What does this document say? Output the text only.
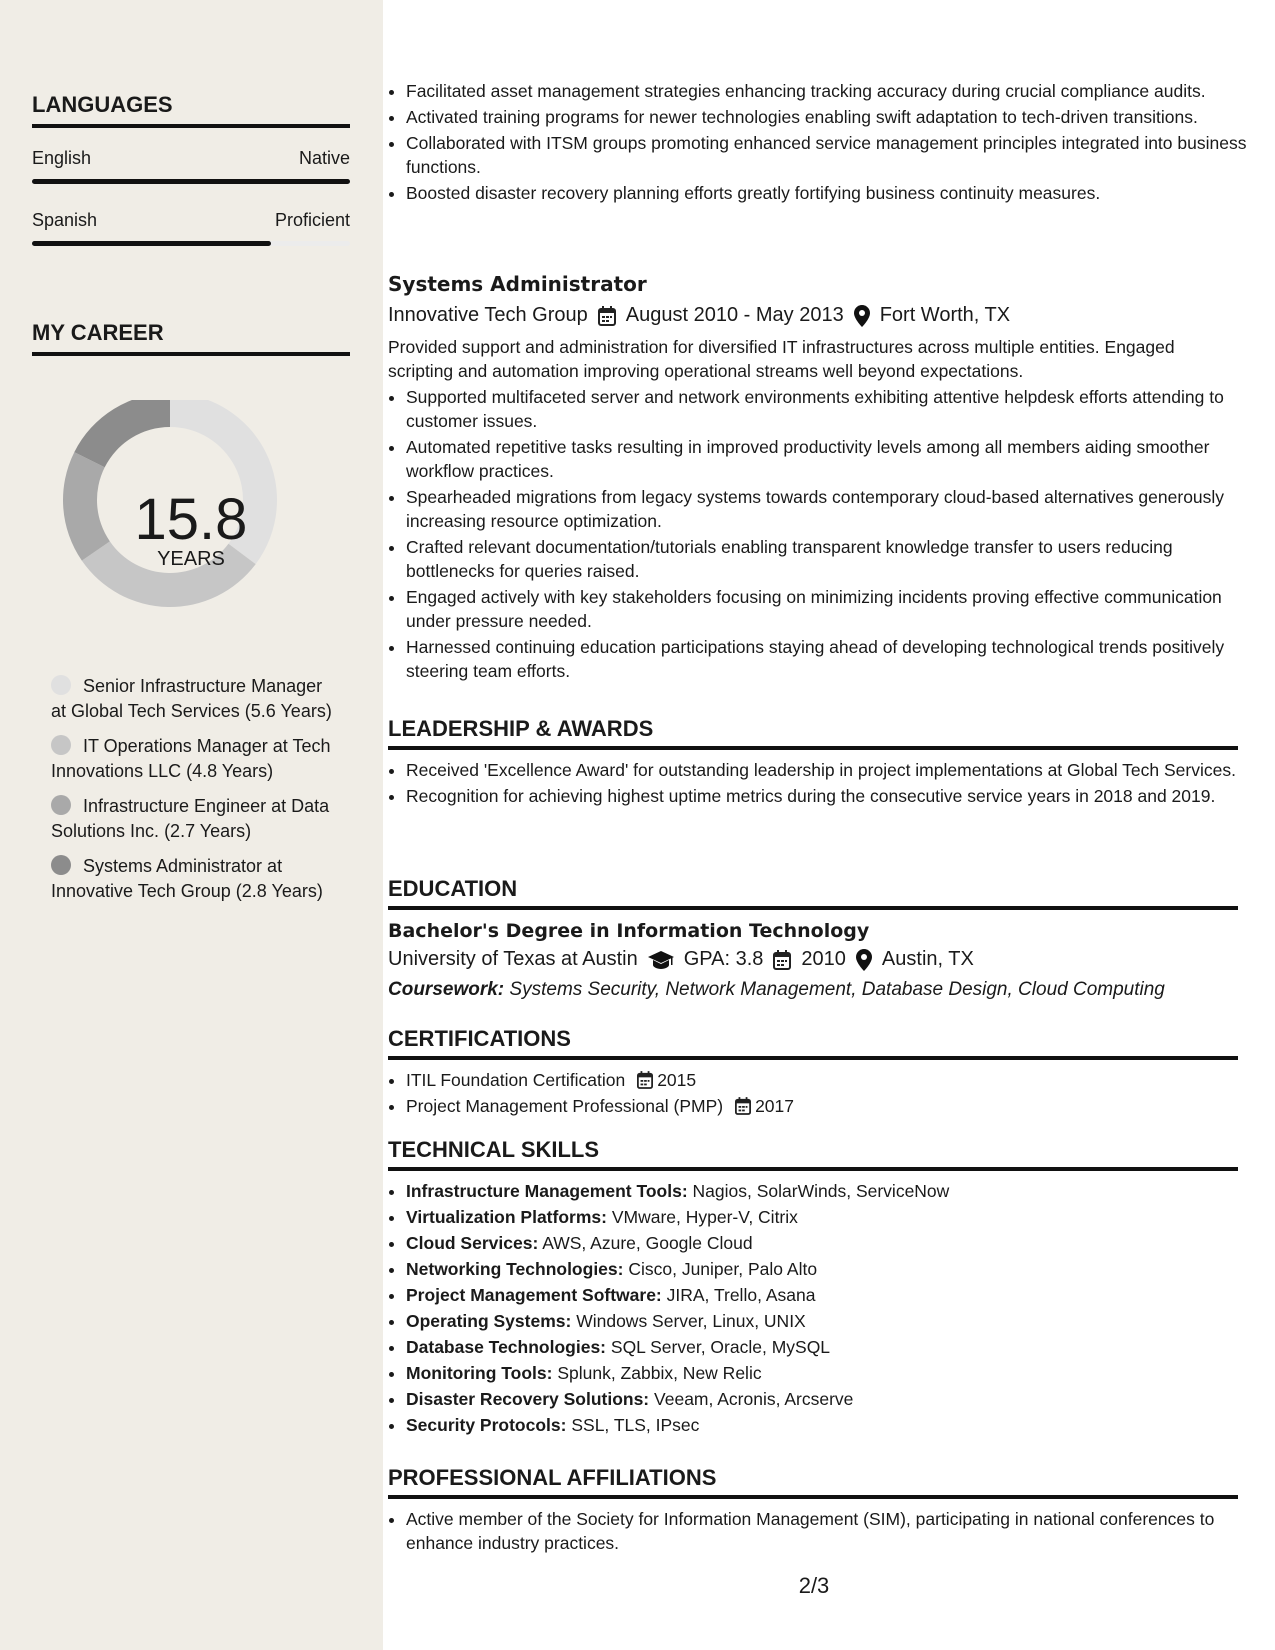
LANGUAGES
English	Native
Spanish	Proficient
MY CAREER
15.8
YEARS
Senior Infrastructure Manager at Global Tech Services (5.6 Years)
IT Operations Manager at Tech Innovations LLC (4.8 Years)
Infrastructure Engineer at Data Solutions Inc. (2.7 Years)
Systems Administrator at Innovative Tech Group (2.8 Years)
• Facilitated asset management strategies enhancing tracking accuracy during crucial compliance audits.
• Activated training programs for newer technologies enabling swift adaptation to tech-driven transitions.
• Collaborated with ITSM groups promoting enhanced service management principles integrated into business functions.
• Boosted disaster recovery planning efforts greatly fortifying business continuity measures.
Systems Administrator
Innovative Tech Group August 2010 - May 2013 Fort Worth, TX
Provided support and administration for diversified IT infrastructures across multiple entities. Engaged scripting and automation improving operational streams well beyond expectations.
• Supported multifaceted server and network environments exhibiting attentive helpdesk efforts attending to customer issues.
• Automated repetitive tasks resulting in improved productivity levels among all members aiding smoother workflow practices.
• Spearheaded migrations from legacy systems towards contemporary cloud-based alternatives generously increasing resource optimization.
• Crafted relevant documentation/tutorials enabling transparent knowledge transfer to users reducing bottlenecks for queries raised.
• Engaged actively with key stakeholders focusing on minimizing incidents proving effective communication under pressure needed.
• Harnessed continuing education participations staying ahead of developing technological trends positively steering team efforts.
LEADERSHIP & AWARDS
• Received 'Excellence Award' for outstanding leadership in project implementations at Global Tech Services.
• Recognition for achieving highest uptime metrics during the consecutive service years in 2018 and 2019.
EDUCATION
Bachelor's Degree in Information Technology
University of Texas at Austin GPA: 3.8 2010 Austin, TX
Coursework: Systems Security, Network Management, Database Design, Cloud Computing
CERTIFICATIONS
• ITIL Foundation Certification 2015
• Project Management Professional (PMP) 2017
TECHNICAL SKILLS
• Infrastructure Management Tools: Nagios, SolarWinds, ServiceNow
• Virtualization Platforms: VMware, Hyper-V, Citrix
• Cloud Services: AWS, Azure, Google Cloud
• Networking Technologies: Cisco, Juniper, Palo Alto
• Project Management Software: JIRA, Trello, Asana
• Operating Systems: Windows Server, Linux, UNIX
• Database Technologies: SQL Server, Oracle, MySQL
• Monitoring Tools: Splunk, Zabbix, New Relic
• Disaster Recovery Solutions: Veeam, Acronis, Arcserve
• Security Protocols: SSL, TLS, IPsec
PROFESSIONAL AFFILIATIONS
• Active member of the Society for Information Management (SIM), participating in national conferences to enhance industry practices.
2/3
